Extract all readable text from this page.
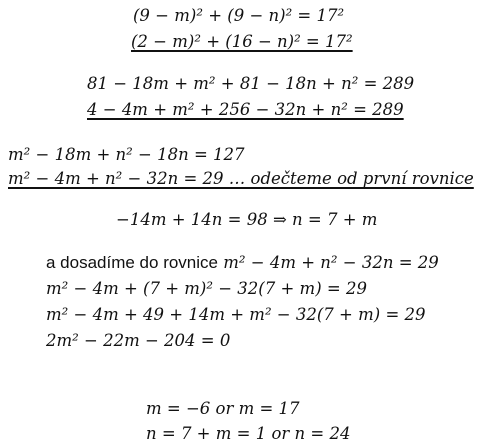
(9 − m)² + (9 − n)² = 17²
(2 − m)² + (16 − n)² = 17²
81 − 18m + m² + 81 − 18n + n² = 289
4 − 4m + m² + 256 − 32n + n² = 289
m² − 18m + n² − 18n = 127
m² − 4m + n² − 32n = 29 … odečteme od první rovnice
−14m + 14n = 98 ⇒ n = 7 + m
a dosadíme do rovnice m² − 4m + n² − 32n = 29
m² − 4m + (7 + m)² − 32(7 + m) = 29
m² − 4m + 49 + 14m + m² − 32(7 + m) = 29
2m² − 22m − 204 = 0
m = −6 or m = 17
n = 7 + m = 1 or n = 24
